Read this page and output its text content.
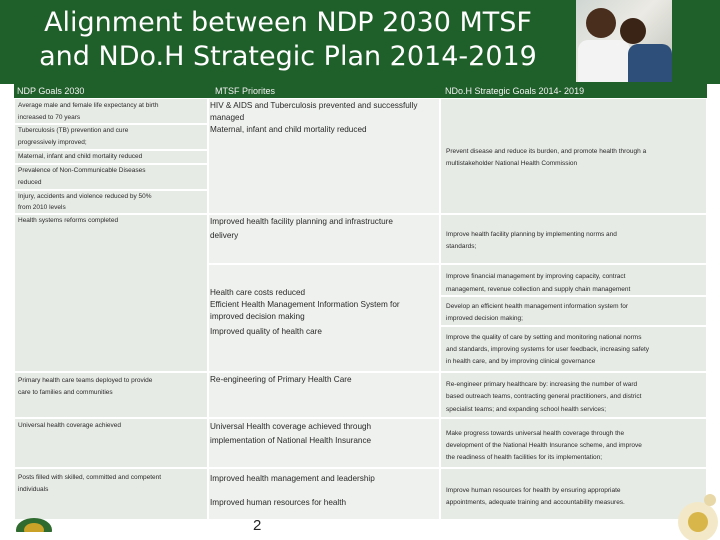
Alignment between NDP 2030 MTSF and NDo.H Strategic Plan 2014-2019
NDP Goals 2030	MTSF Priorites	NDo.H Strategic Goals 2014- 2019
Average male and female life expectancy at birth
increased to 70 years
Tuberculosis (TB) prevention and cure
progressively improved;
Maternal, infant and child mortality reduced
Prevalence of Non-Communicable Diseases
reduced
Injury, accidents and violence reduced by 50%
from 2010 levels
Health systems reforms completed
Primary health care teams deployed to provide
care to families and communities
Universal health coverage achieved
Posts filled with skilled, committed and competent
individuals
HIV & AIDS and Tuberculosis prevented and successfully
managed
Maternal, infant and child mortality reduced
Improved health facility planning and infrastructure
delivery
Health care costs reduced
Efficient Health Management Information System for
improved decision making
Improved quality of health care
Re-engineering of Primary Health Care
Universal Health coverage achieved through
implementation of National Health Insurance
Improved health management and leadership
Improved human resources for health
Prevent disease and reduce its burden, and promote health through a
multistakeholder National Health Commission
Improve health facility planning by implementing norms and
standards;
Improve financial management by improving capacity, contract
management, revenue collection and supply chain management
Develop an efficient health management information system for
improved decision making;
Improve the quality of care by setting and monitoring national norms
and standards, improving systems for user feedback, increasing safety
in health care, and by improving clinical governance
Re-engineer primary healthcare by: increasing the number of ward
based outreach teams, contracting general practitioners, and district
specialist teams; and expanding school health services;
Make progress towards universal health coverage through the
development of the National Health Insurance scheme, and improve
the readiness of health facilities for its implementation;
Improve human resources for health by ensuring appropriate
appointments, adequate training and accountability measures.
2
